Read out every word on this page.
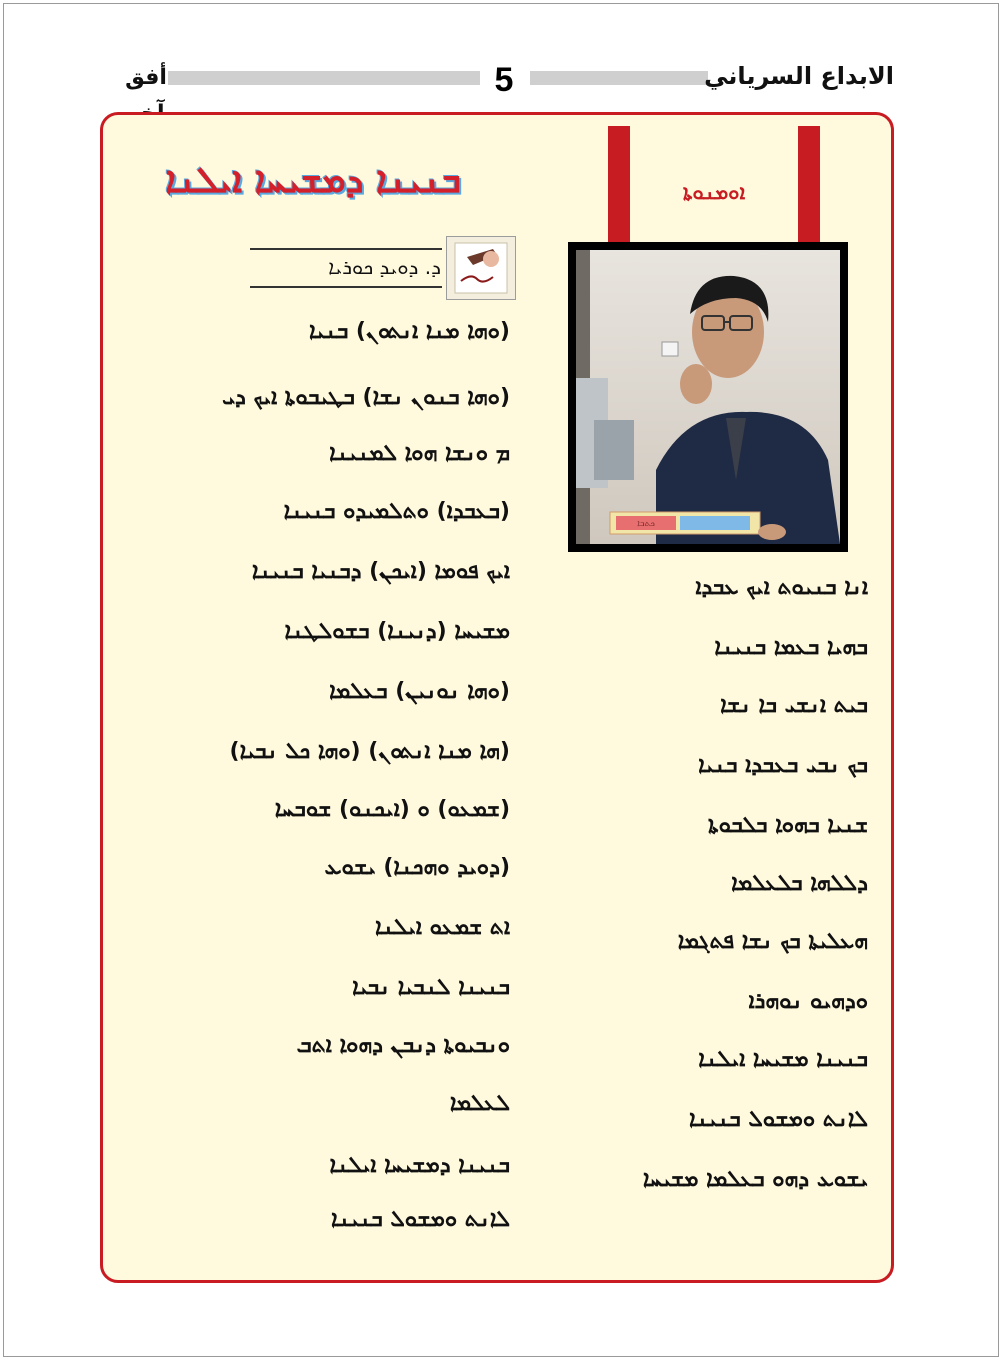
أفق	5	الابداع السرياني
ܒܢܝܢܐ ܕܡܫܝܚܐ ܐܝܠܢܐ
ܕ. ܕܘܝܕ ܟܘܪܝܐ
(ܘܗܐ ܡܢܐ ܐܢܬܘܢ) ܒܢܝܐ
(ܘܗܐ ܒܢܘܢ ܢܫܐ) ܒܛܝܒܘܬܐ ܐܝܟ ܕܝ
ܡ ܘܢܫܐ ܗܘܐ ܠܡܢܝܢܐ
(ܒܥܒܕܐ) ܘܬܠܡܝܕܘ ܒܢܝܢܐ
ܐܝܟ ܦܘܡܐ (ܐܝܟܢ) ܕܒܢܝܐ ܒܢܝܢܐ
ܡܫܝܚܐ (ܕܢܝܢܐ) ܒܫܘܠܛܢܐ
(ܘܗܐ ܢܘܢܝܢ) ܒܥܠܡܐ
(ܗܐ ܡܢܐ ܐܢܬܘܢ) (ܘܗܐ ܟܠ ܢܒܝܐ)
(ܫܡܥܘ) ܘ (ܐܝܟܢܘ) ܫܘܒܚܐ
(ܕܘܝܕ ܘܗܟܢܐ) ܝܫܘܥ
ܐܬ ܫܡܥܘ ܐܝܠܢܐ
ܒܢܝܢܐ ܠܢܒܝܐ ܢܒܝܐ
ܘܢܒܝܘܬܐ ܕܢܒܢ ܕܗܘܐ ܐܬܒ
ܠܥܠܡܐ
ܒܢܝܢܐ ܕܡܫܝܚܐ ܐܝܠܢܐ
ܠܐܢܬ ܘܡܫܘܠ ܒܢܝܢܐ
ܐܘܡܢܘܬܐ
ܟܬܒܐ
ܐܢܐ ܒܢܝܘܬ ܐܝܟ ܥܒܕܐ
ܒܗܝܐ ܒܥܡܐ ܒܢܝܢܐ
ܒܝܬ ܐܢܫܝ ܒܐ ܢܫܐ
ܒܟ ܢܒܝ ܒܥܒܕܐ ܒܢܝܐ
ܫܢܝܐ ܒܗܘܐ ܒܠܒܘܬܐ
ܕܠܠܗܐ ܒܠܥܠܡܐ
ܗܥܠܝܬܐ ܒܟ ܢܫܐ ܦܬܓܡܐ
ܘܕܗܝܘ ܢܘܗܪܐ
ܒܢܝܢܐ ܡܫܝܚܐ ܐܝܠܢܐ
ܠܐܢܬ ܘܡܫܘܠ ܒܢܝܢܐ
ܝܫܘܥ ܕܗܘ ܒܥܠܡܐ ܡܫܝܚܐ
